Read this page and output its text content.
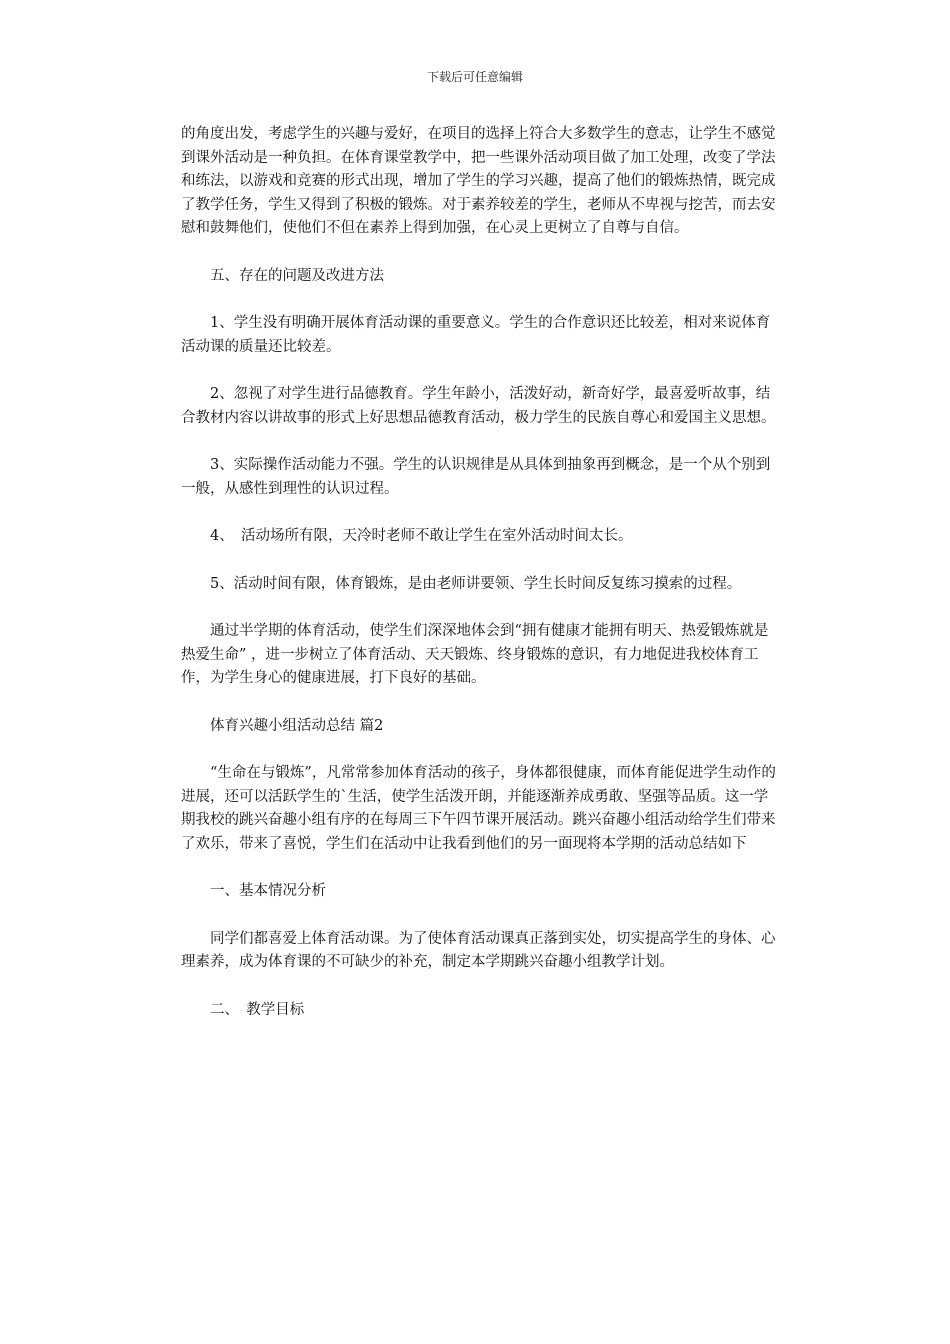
下载后可任意编辑

的角度出发，考虑学生的兴趣与爱好，在项目的选择上符合大多数学生的意志，让学生不感觉到课外活动是一种负担。在体育课堂教学中，把一些课外活动项目做了加工处理，改变了学法和练法，以游戏和竞赛的形式出现，增加了学生的学习兴趣，提高了他们的锻炼热情，既完成了教学任务，学生又得到了积极的锻炼。对于素养较差的学生，老师从不卑视与挖苦，而去安慰和鼓舞他们，使他们不但在素养上得到加强，在心灵上更树立了自尊与自信。

五、存在的问题及改进方法

1、学生没有明确开展体育活动课的重要意义。学生的合作意识还比较差，相对来说体育活动课的质量还比较差。

2、忽视了对学生进行品德教育。学生年龄小，活泼好动，新奇好学，最喜爱听故事，结合教材内容以讲故事的形式上好思想品德教育活动，极力学生的民族自尊心和爱国主义思想。

3、实际操作活动能力不强。学生的认识规律是从具体到抽象再到概念，是一个从个别到一般，从感性到理性的认识过程。

4、　活动场所有限，天冷时老师不敢让学生在室外活动时间太长。

5、活动时间有限，体育锻炼，是由老师讲要领、学生长时间反复练习摸索的过程。

通过半学期的体育活动，使学生们深深地体会到“拥有健康才能拥有明天、热爱锻炼就是热爱生命” ，进一步树立了体育活动、天天锻炼、终身锻炼的意识，有力地促进我校体育工作，为学生身心的健康进展，打下良好的基础。

体育兴趣小组活动总结 篇2

“生命在与锻炼”，凡常常参加体育活动的孩子，身体都很健康，而体育能促进学生动作的进展，还可以活跃学生的`生活，使学生活泼开朗，并能逐渐养成勇敢、坚强等品质。这一学期我校的跳兴奋趣小组有序的在每周三下午四节课开展活动。跳兴奋趣小组活动给学生们带来了欢乐，带来了喜悦，学生们在活动中让我看到他们的另一面现将本学期的活动总结如下

一、基本情况分析

同学们都喜爱上体育活动课。为了使体育活动课真正落到实处，切实提高学生的身体、心理素养，成为体育课的不可缺少的补充，制定本学期跳兴奋趣小组教学计划。

二、　教学目标
